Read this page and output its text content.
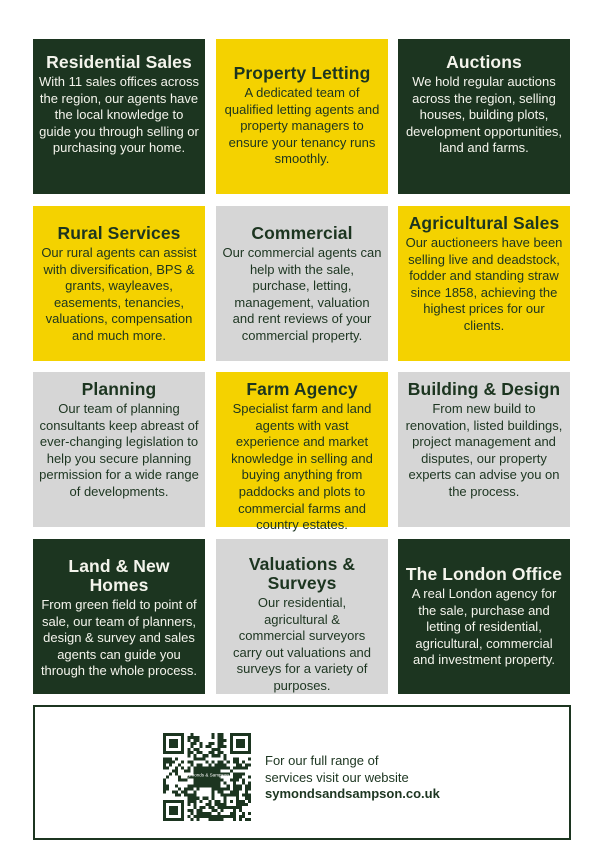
Residential Sales

With 11 sales offices across the region, our agents have the local knowledge to guide you through selling or purchasing your home.

Property Letting

A dedicated team of qualified letting agents and property managers to ensure your tenancy runs smoothly.

Auctions

We hold regular auctions across the region, selling houses, building plots, development opportunities, land and farms.

Rural Services

Our rural agents can assist with diversification, BPS & grants, wayleaves, easements, tenancies, valuations, compensation and much more.

Commercial

Our commercial agents can help with the sale, purchase, letting, management, valuation and rent reviews of your commercial property.

Agricultural Sales

Our auctioneers have been selling live and deadstock, fodder and standing straw since 1858, achieving the highest prices for our clients.

Planning

Our team of planning consultants keep abreast of ever-changing legislation to help you secure planning permission for a wide range of developments.

Farm Agency

Specialist farm and land agents with vast experience and market knowledge in selling and buying anything from paddocks and plots to commercial farms and country estates.

Building & Design

From new build to renovation, listed buildings, project management and disputes, our property experts can advise you on the process.

Land & New Homes

From green field to point of sale, our team of planners, design & survey and sales agents can guide you through the whole process.

Valuations & Surveys

Our residential, agricultural & commercial surveyors carry out valuations and surveys for a variety of purposes.

The London Office

A real London agency for the sale, purchase and letting of residential, agricultural, commercial and investment property.

Symonds & Sampson
For our full range of
services visit our website
symondsandsampson.co.uk
